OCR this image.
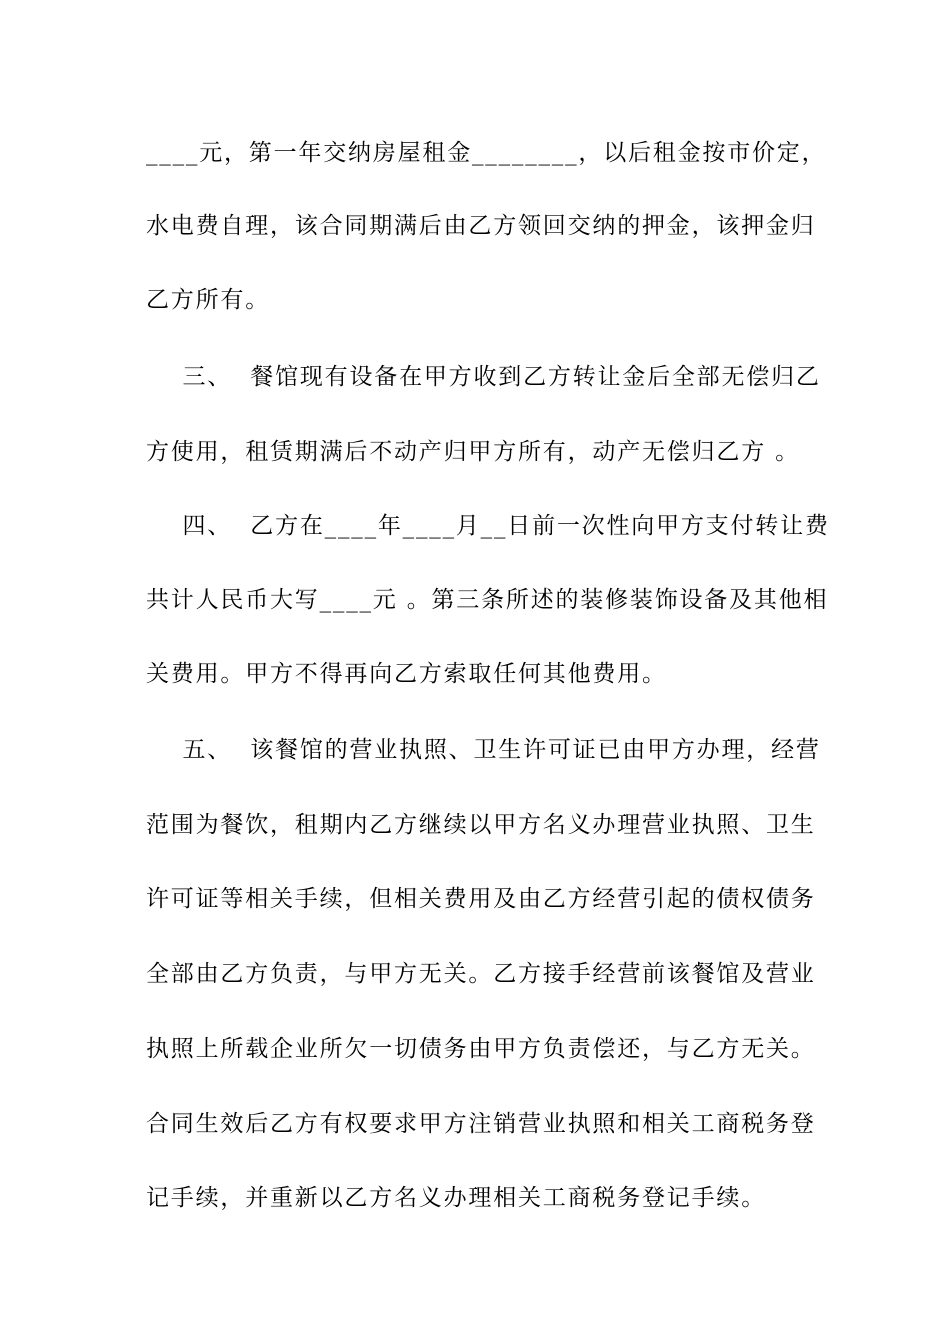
____元，第一年交纳房屋租金________，以后租金按市价定，
水电费自理，该合同期满后由乙方领回交纳的押金，该押金归
乙方所有。
三、  餐馆现有设备在甲方收到乙方转让金后全部无偿归乙
方使用，租赁期满后不动产归甲方所有，动产无偿归乙方 。
四、  乙方在____年____月__日前一次性向甲方支付转让费
共计人民币大写____元 。第三条所述的装修装饰设备及其他相
关费用。甲方不得再向乙方索取任何其他费用。
五、  该餐馆的营业执照、卫生许可证已由甲方办理，经营
范围为餐饮，租期内乙方继续以甲方名义办理营业执照、卫生
许可证等相关手续，但相关费用及由乙方经营引起的债权债务
全部由乙方负责，与甲方无关。乙方接手经营前该餐馆及营业
执照上所载企业所欠一切债务由甲方负责偿还，与乙方无关。
合同生效后乙方有权要求甲方注销营业执照和相关工商税务登
记手续，并重新以乙方名义办理相关工商税务登记手续。
